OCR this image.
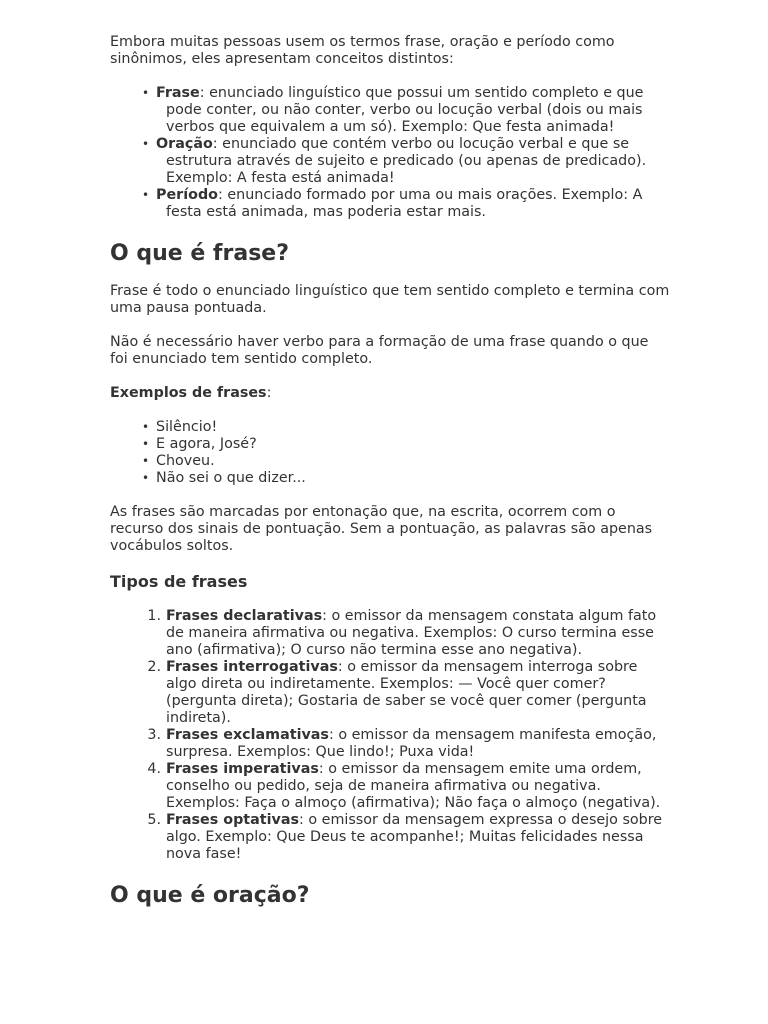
Embora muitas pessoas usem os termos frase, oração e período como sinônimos, eles apresentam conceitos distintos:

• Frase: enunciado linguístico que possui um sentido completo e que pode conter, ou não conter, verbo ou locução verbal (dois ou mais verbos que equivalem a um só). Exemplo: Que festa animada!
• Oração: enunciado que contém verbo ou locução verbal e que se estrutura através de sujeito e predicado (ou apenas de predicado). Exemplo: A festa está animada!
• Período: enunciado formado por uma ou mais orações. Exemplo: A festa está animada, mas poderia estar mais.
O que é frase?

Frase é todo o enunciado linguístico que tem sentido completo e termina com uma pausa pontuada.

Não é necessário haver verbo para a formação de uma frase quando o que foi enunciado tem sentido completo.

Exemplos de frases:

• Silêncio!
• E agora, José?
• Choveu.
• Não sei o que dizer...

As frases são marcadas por entonação que, na escrita, ocorrem com o recurso dos sinais de pontuação. Sem a pontuação, as palavras são apenas vocábulos soltos.

Tipos de frases
Frases declarativas: o emissor da mensagem constata algum fato de maneira afirmativa ou negativa. Exemplos: O curso termina esse ano (afirmativa); O curso não termina esse ano negativa).
Frases interrogativas: o emissor da mensagem interroga sobre algo direta ou indiretamente. Exemplos: — Você quer comer? (pergunta direta); Gostaria de saber se você quer comer (pergunta indireta).
Frases exclamativas: o emissor da mensagem manifesta emoção, surpresa. Exemplos: Que lindo!; Puxa vida!
Frases imperativas: o emissor da mensagem emite uma ordem, conselho ou pedido, seja de maneira afirmativa ou negativa. Exemplos: Faça o almoço (afirmativa); Não faça o almoço (negativa).
Frases optativas: o emissor da mensagem expressa o desejo sobre algo. Exemplo: Que Deus te acompanhe!; Muitas felicidades nessa nova fase!
O que é oração?
